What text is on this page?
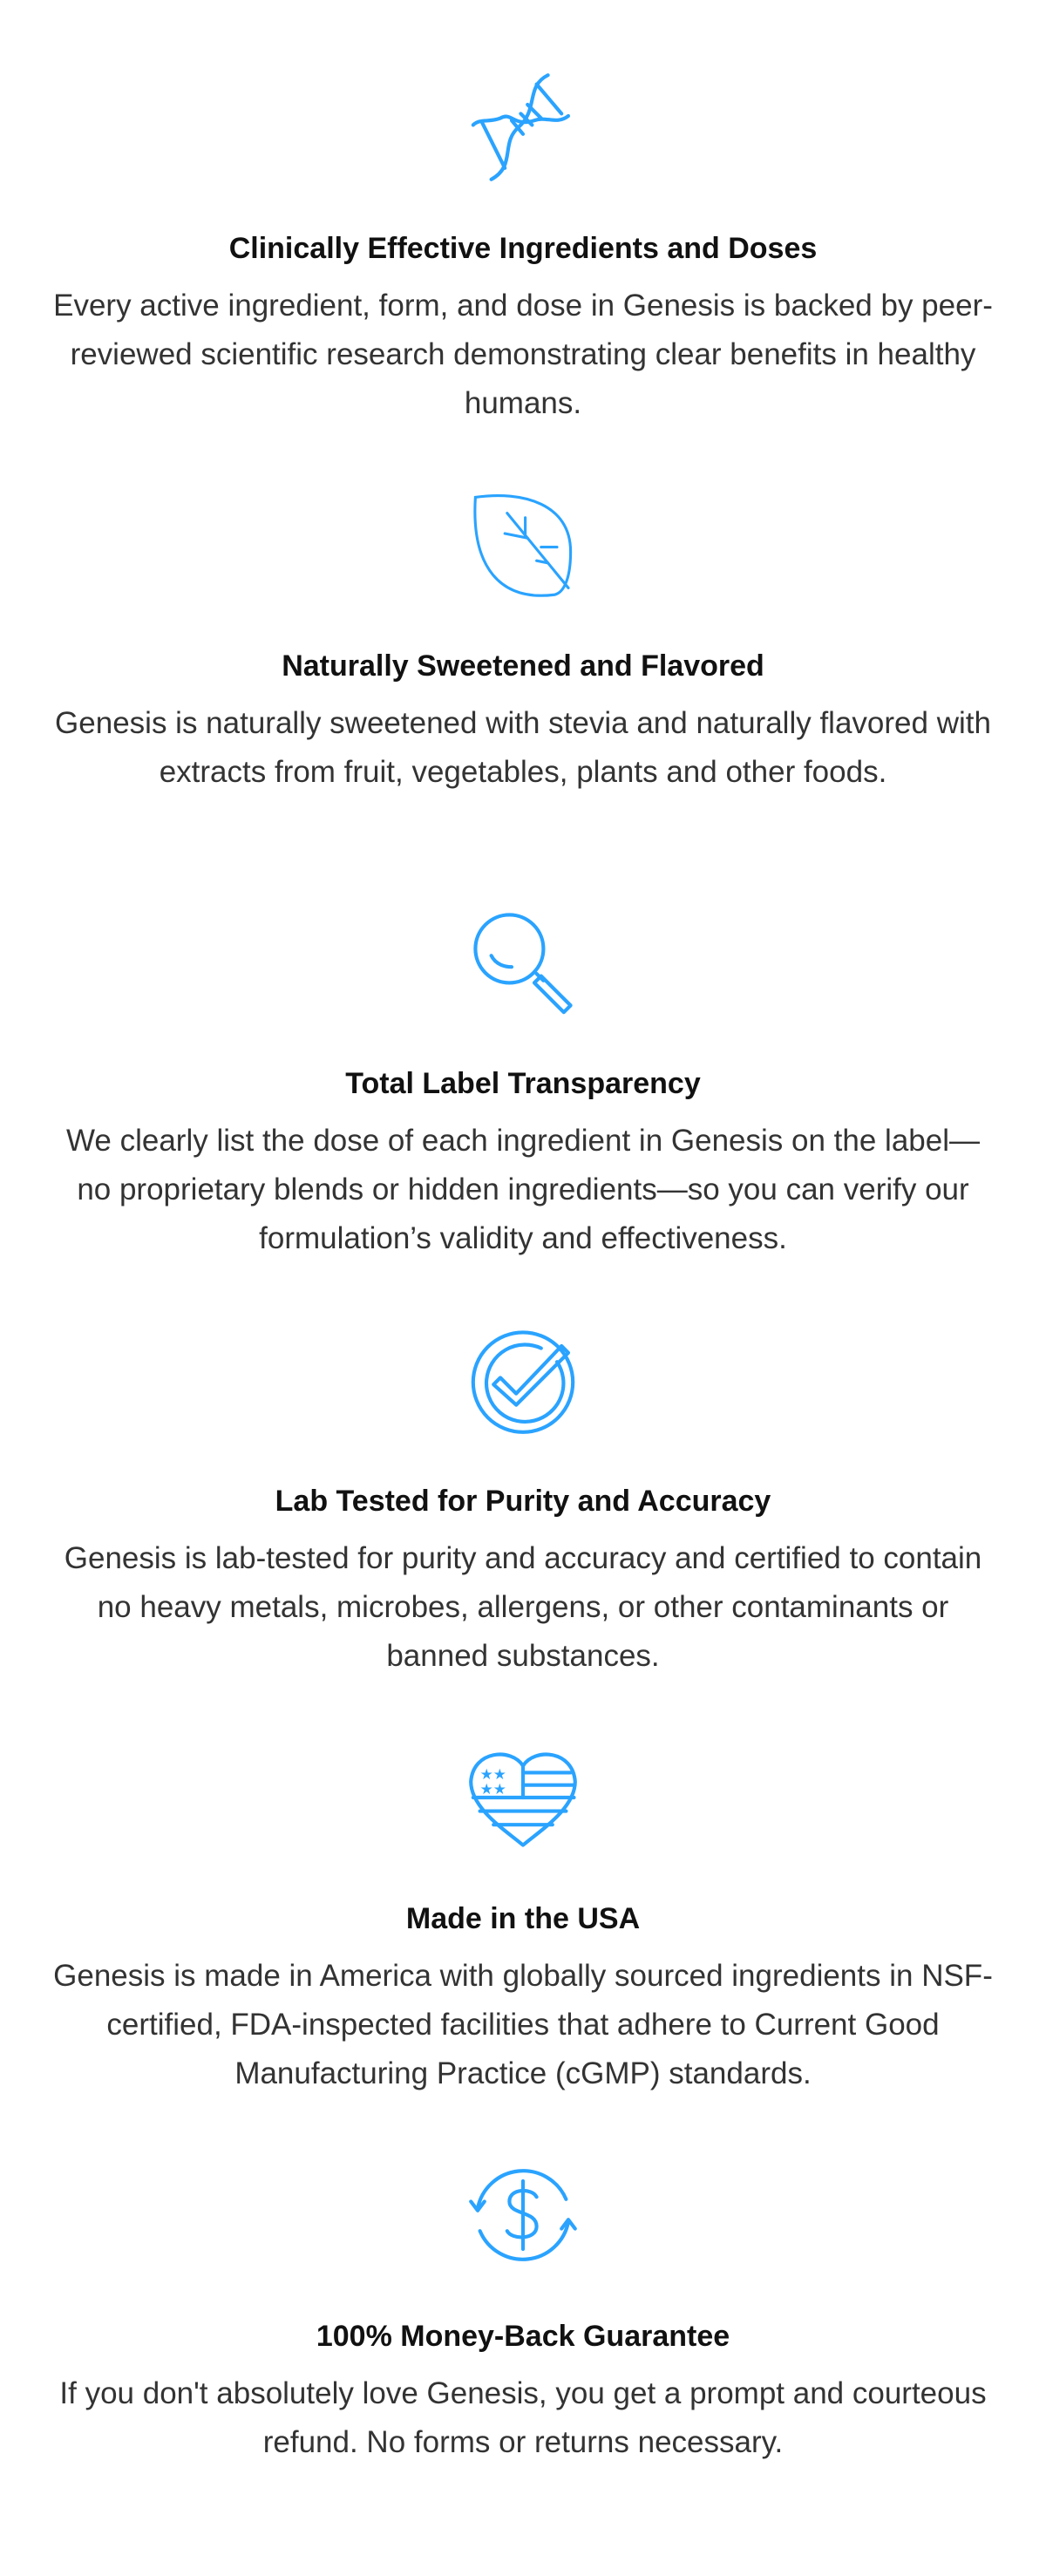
Clinically Effective Ingredients and Doses
Every active ingredient, form, and dose in Genesis is backed by peer-reviewed scientific research demonstrating clear benefits in healthy humans.
Naturally Sweetened and Flavored
Genesis is naturally sweetened with stevia and naturally flavored with extracts from fruit, vegetables, plants and other foods.
Total Label Transparency
We clearly list the dose of each ingredient in Genesis on the label—no proprietary blends or hidden ingredients—so you can verify our formulation’s validity and effectiveness.
Lab Tested for Purity and Accuracy
Genesis is lab-tested for purity and accuracy and certified to contain no heavy metals, microbes, allergens, or other contaminants or banned substances.
★★
★★
Made in the USA
Genesis is made in America with globally sourced ingredients in NSF-certified, FDA-inspected facilities that adhere to Current Good Manufacturing Practice (cGMP) standards.
100% Money-Back Guarantee
If you don't absolutely love Genesis, you get a prompt and courteous refund. No forms or returns necessary.
